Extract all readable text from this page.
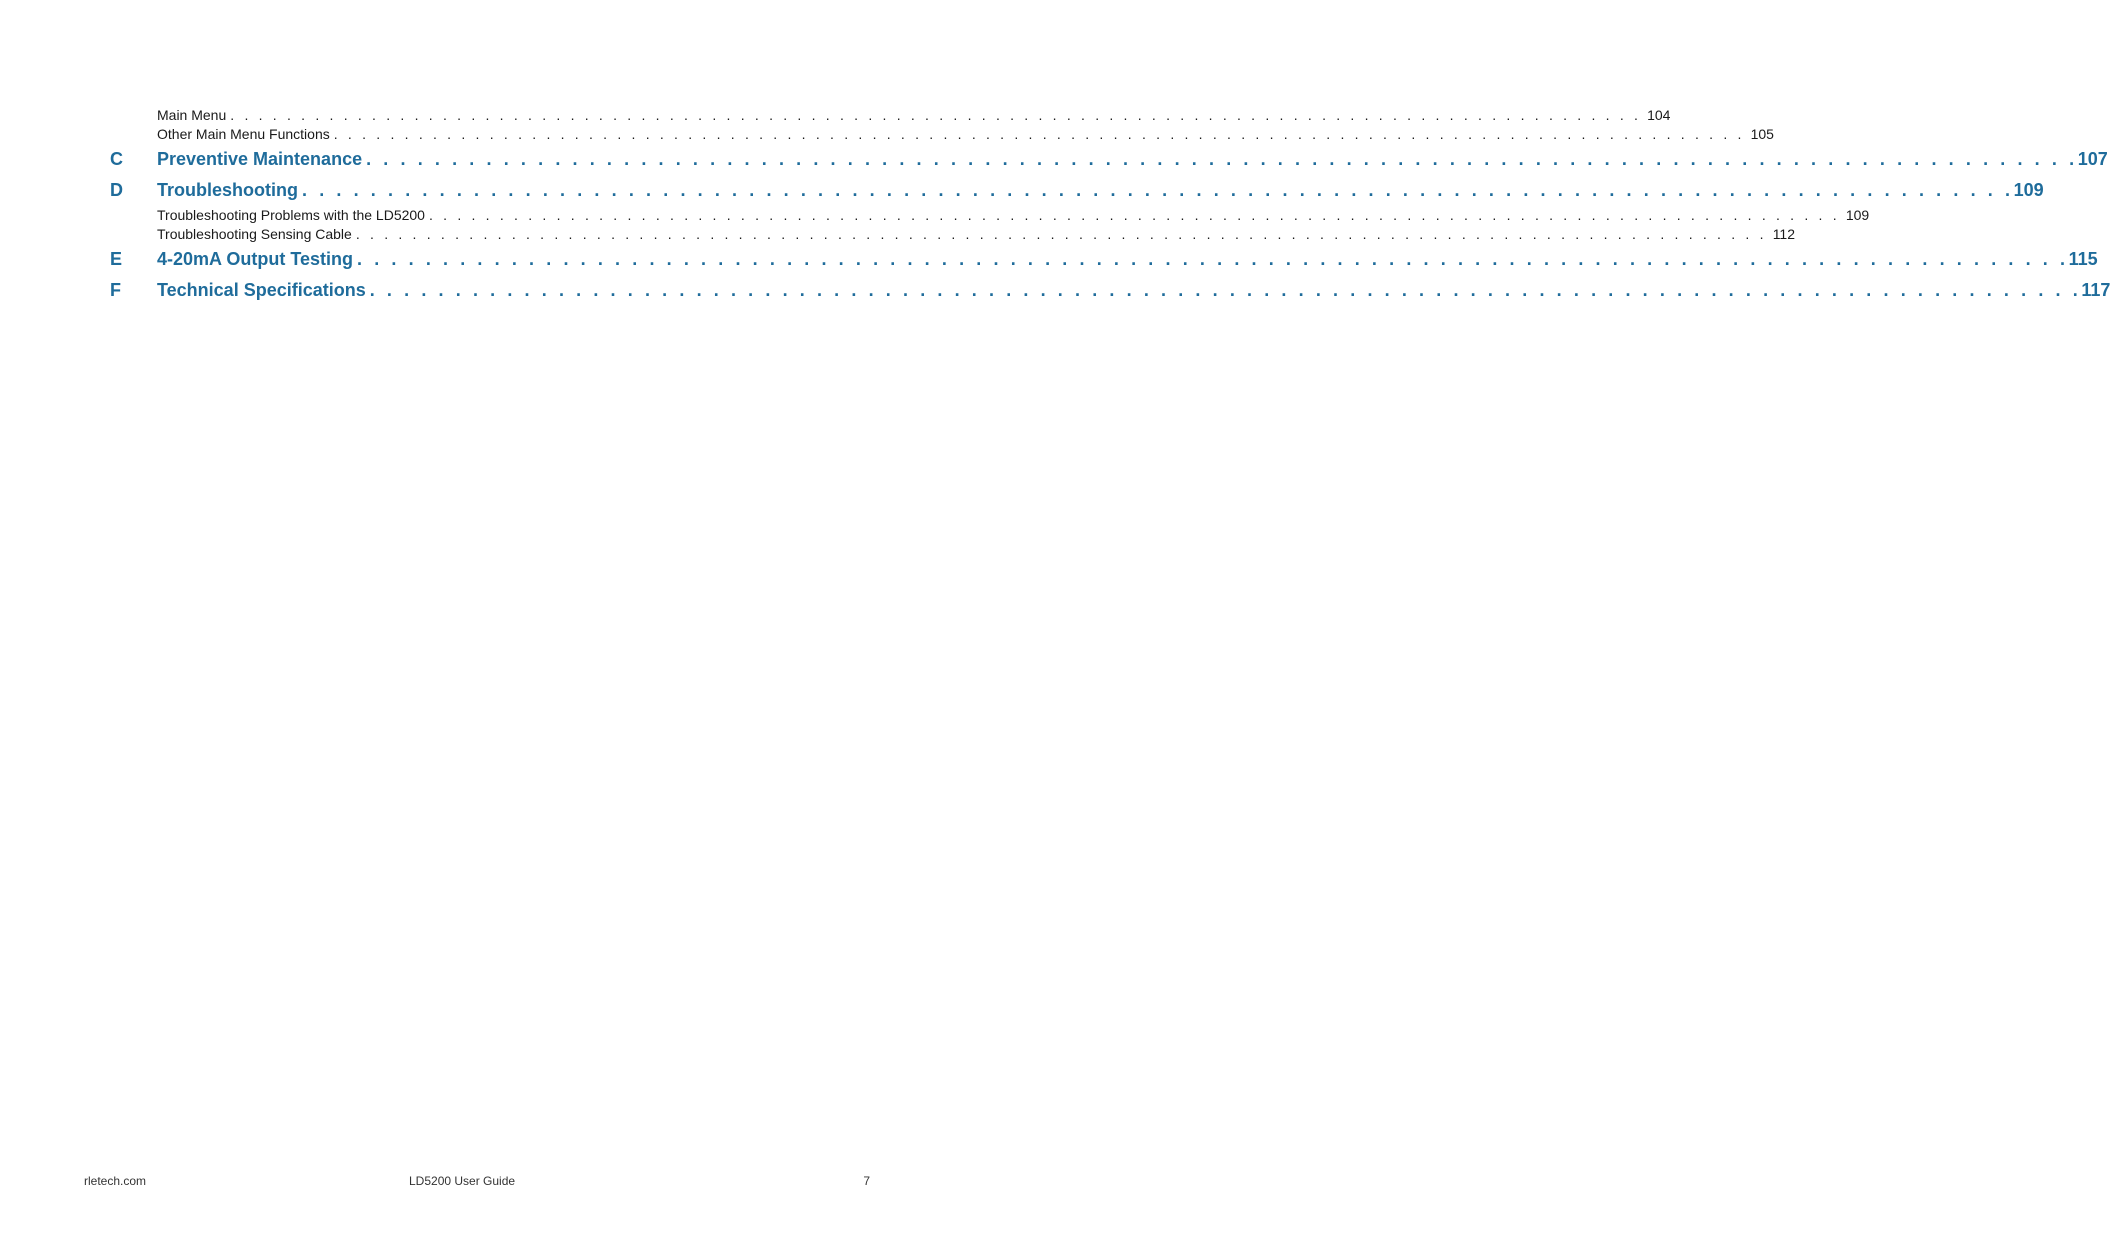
Main Menu . . . . . . . . . . . . . . . . . . . . . . . . . . . . . . . . . . . . . . . . . . . . . . . . . . . . . . . . . . . . . . . . . . . . . . . . . . . . . . . . . . . . . . . . . . . . . . . . . . . . 104
Other Main Menu Functions . . . . . . . . . . . . . . . . . . . . . . . . . . . . . . . . . . . . . . . . . . . . . . . . . . . . . . . . . . . . . . . . . . . . . . . . . . . . . . . . . . . . . . . . . . . . . . . . . . . . 105
C	Preventive Maintenance . . . . . . . . . . . . . . . . . . . . . . . . . . . . . . . . . . . . . . . . . . . . . . . . . . . . . . . . . . . . . . . . . . . . . . . . . . . . . . . . . . . . . . . . . . . . . . . . . . . . 107
D	Troubleshooting . . . . . . . . . . . . . . . . . . . . . . . . . . . . . . . . . . . . . . . . . . . . . . . . . . . . . . . . . . . . . . . . . . . . . . . . . . . . . . . . . . . . . . . . . . . . . . . . . . . . 109
Troubleshooting Problems with the LD5200 . . . . . . . . . . . . . . . . . . . . . . . . . . . . . . . . . . . . . . . . . . . . . . . . . . . . . . . . . . . . . . . . . . . . . . . . . . . . . . . . . . . . . . . . . . . . . . . . . . . . 109
Troubleshooting Sensing Cable . . . . . . . . . . . . . . . . . . . . . . . . . . . . . . . . . . . . . . . . . . . . . . . . . . . . . . . . . . . . . . . . . . . . . . . . . . . . . . . . . . . . . . . . . . . . . . . . . . . . 112
E	4-20mA Output Testing . . . . . . . . . . . . . . . . . . . . . . . . . . . . . . . . . . . . . . . . . . . . . . . . . . . . . . . . . . . . . . . . . . . . . . . . . . . . . . . . . . . . . . . . . . . . . . . . . . . . 115
F	Technical Specifications . . . . . . . . . . . . . . . . . . . . . . . . . . . . . . . . . . . . . . . . . . . . . . . . . . . . . . . . . . . . . . . . . . . . . . . . . . . . . . . . . . . . . . . . . . . . . . . . . . . . 117
rletech.com	LD5200 User Guide	7
